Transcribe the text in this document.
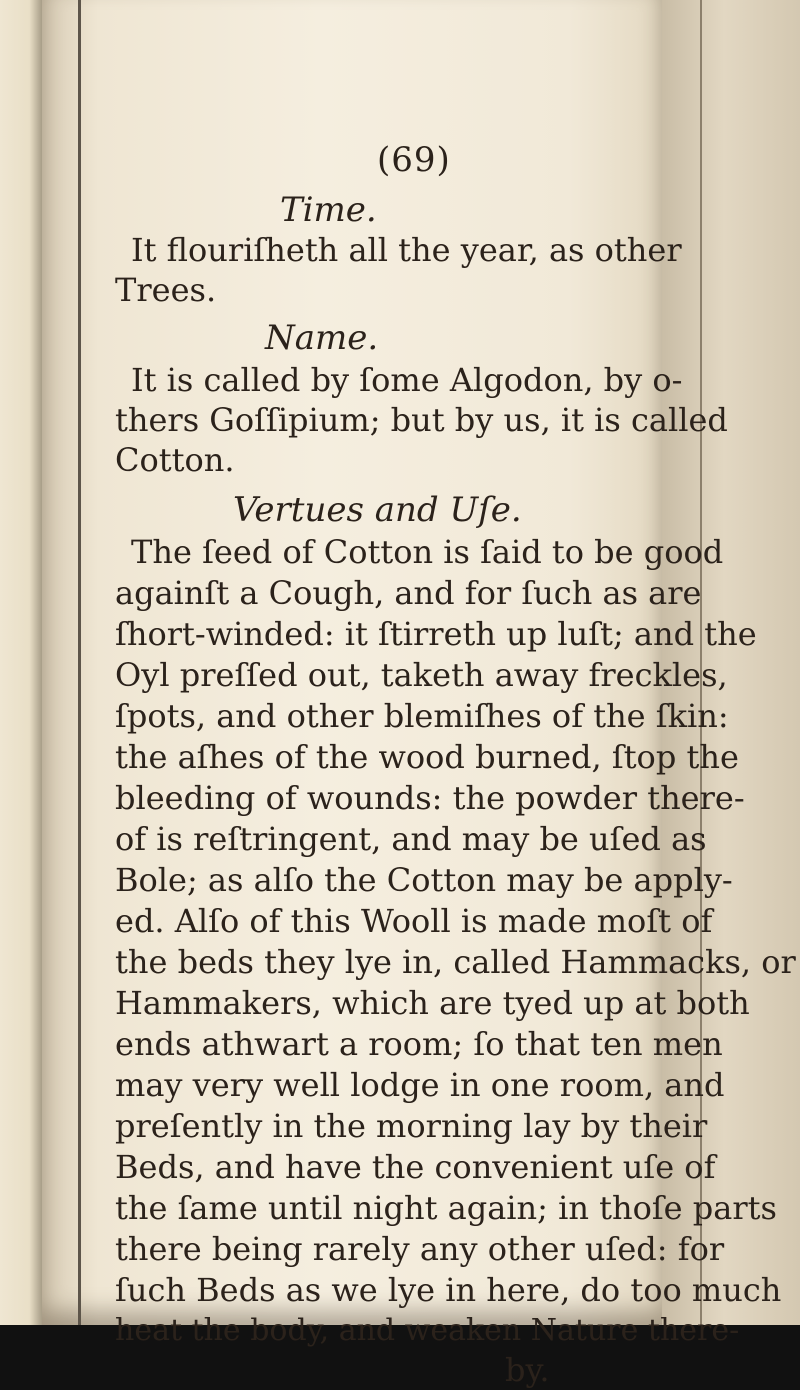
(69)
Time.
It flouriſheth all the year, as other
Trees.
Name.
It is called by ſome Algodon, by o-
thers Goſſipium; but by us, it is called
Cotton.
Vertues and Uſe.
The ſeed of Cotton is ſaid to be good
againſt a Cough, and for ſuch as are
ſhort-winded: it ſtirreth up luſt; and the
Oyl preſſed out, taketh away freckles,
ſpots, and other blemiſhes of the ſkin:
the aſhes of the wood burned, ſtop the
bleeding of wounds: the powder there-
of is reſtringent, and may be uſed as
Bole; as alſo the Cotton may be apply-
ed. Alſo of this Wooll is made moſt of
the beds they lye in, called Hammacks, or
Hammakers, which are tyed up at both
ends athwart a room; ſo that ten men
may very well lodge in one room, and
preſently in the morning lay by their
Beds, and have the convenient uſe of
the ſame until night again; in thoſe parts
there being rarely any other uſed: for
ſuch Beds as we lye in here, do too much
heat the body, and weaken Nature there-
by.
